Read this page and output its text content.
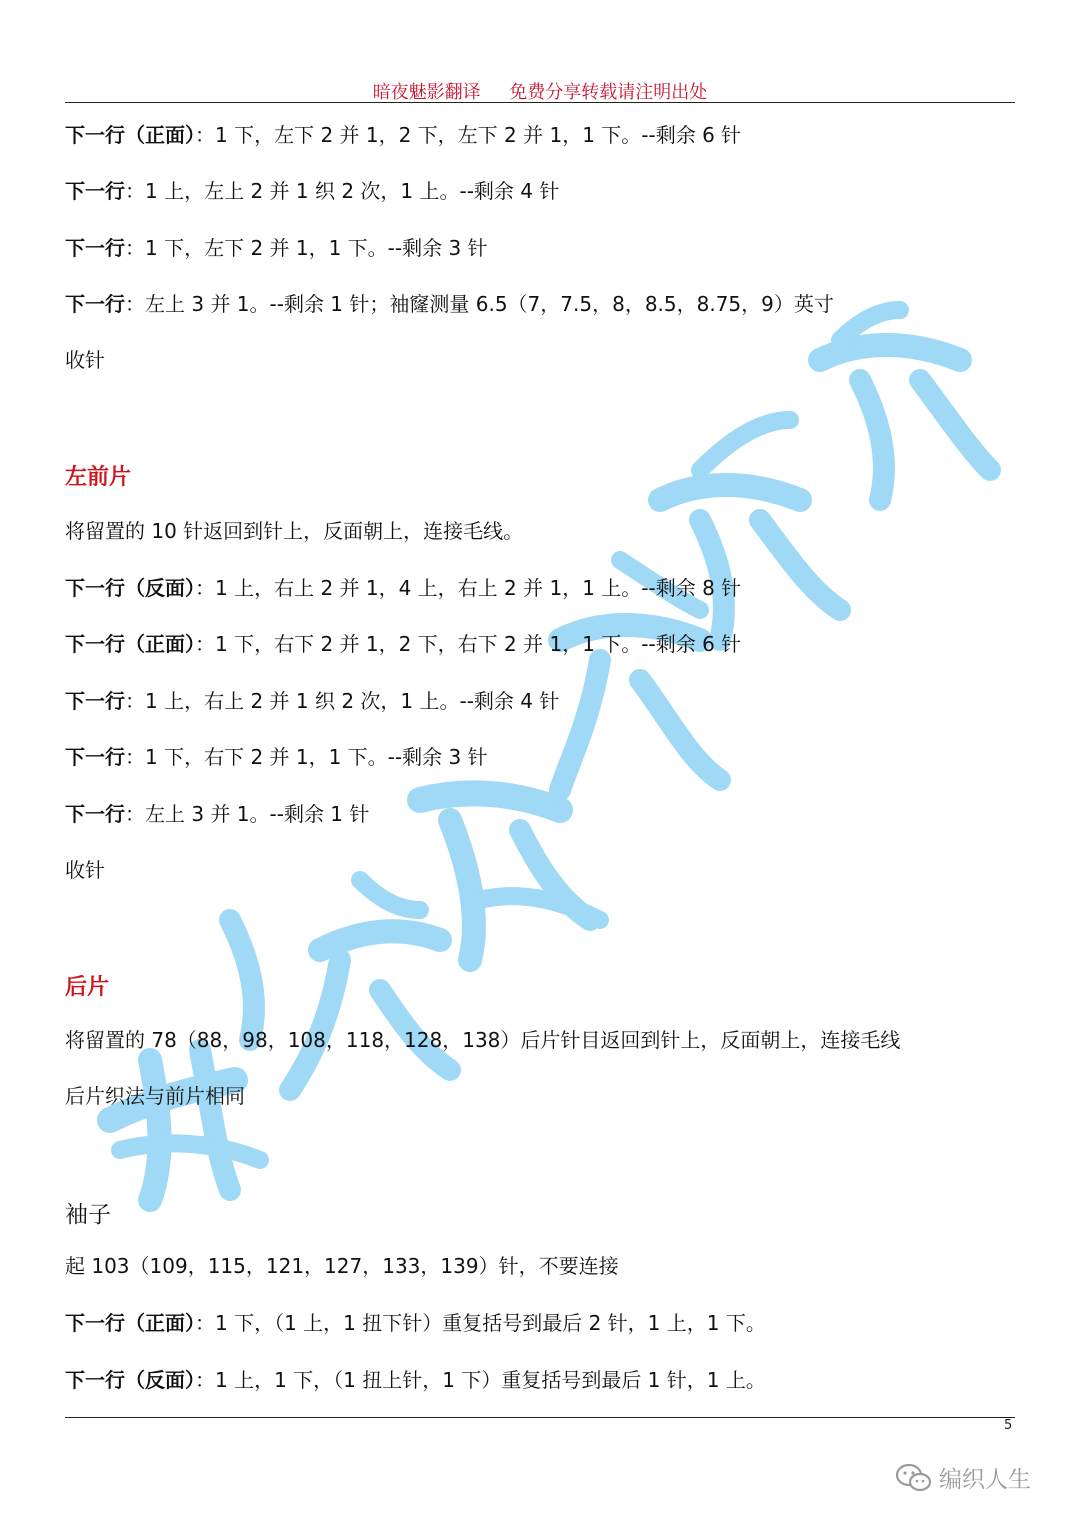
暗夜魅影翻译     免费分享转载请注明出处
下一行（正面）：1 下，左下 2 并 1，2 下，左下 2 并 1，1 下。--剩余 6 针
下一行：1 上，左上 2 并 1 织 2 次，1 上。--剩余 4 针
下一行：1 下，左下 2 并 1，1 下。--剩余 3 针
下一行：左上 3 并 1。--剩余 1 针；袖窿测量 6.5（7，7.5，8，8.5，8.75，9）英寸
收针
左前片
将留置的 10 针返回到针上，反面朝上，连接毛线。
下一行（反面）：1 上，右上 2 并 1，4 上，右上 2 并 1，1 上。--剩余 8 针
下一行（正面）：1 下，右下 2 并 1，2 下，右下 2 并 1，1 下。--剩余 6 针
下一行：1 上，右上 2 并 1 织 2 次，1 上。--剩余 4 针
下一行：1 下，右下 2 并 1，1 下。--剩余 3 针
下一行：左上 3 并 1。--剩余 1 针
收针
后片
将留置的 78（88，98，108，118，128，138）后片针目返回到针上，反面朝上，连接毛线
后片织法与前片相同
袖子
起 103（109，115，121，127，133，139）针，不要连接
下一行（正面）：1 下，（1 上，1 扭下针）重复括号到最后 2 针，1 上，1 下。
下一行（反面）：1 上，1 下，（1 扭上针，1 下）重复括号到最后 1 针，1 上。
5
编织人生
